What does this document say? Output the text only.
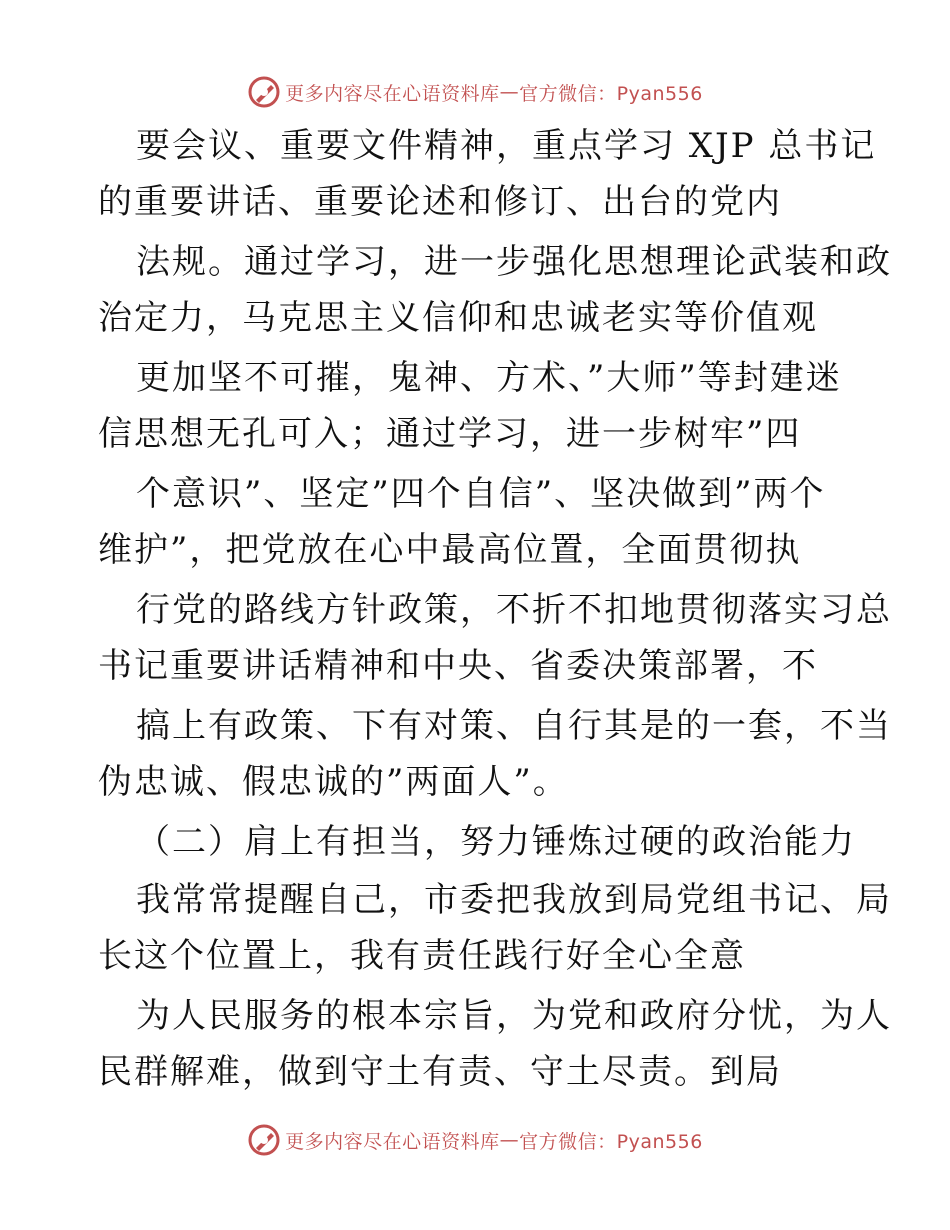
更多内容尽在心语资料库 — 官方微信：Pyan556
要会议、重要文件精神，重点学习 XJP 总书记
的重要讲话、重要论述和修订、出台的党内
法规。通过学习，进一步强化思想理论武装和政
治定力，马克思主义信仰和忠诚老实等价值观
更加坚不可摧，鬼神、方术、”大师”等封建迷
信思想无孔可入；通过学习，进一步树牢”四
个意识”、坚定”四个自信”、坚决做到”两个
维护”，把党放在心中最高位置，全面贯彻执
行党的路线方针政策，不折不扣地贯彻落实习总
书记重要讲话精神和中央、省委决策部署，不
搞上有政策、下有对策、自行其是的一套，不当
伪忠诚、假忠诚的”两面人”。
（二）肩上有担当，努力锤炼过硬的政治能力
我常常提醒自己，市委把我放到局党组书记、局
长这个位置上，我有责任践行好全心全意
为人民服务的根本宗旨，为党和政府分忧，为人
民群解难，做到守土有责、守土尽责。到局
更多内容尽在心语资料库 — 官方微信：Pyan556
